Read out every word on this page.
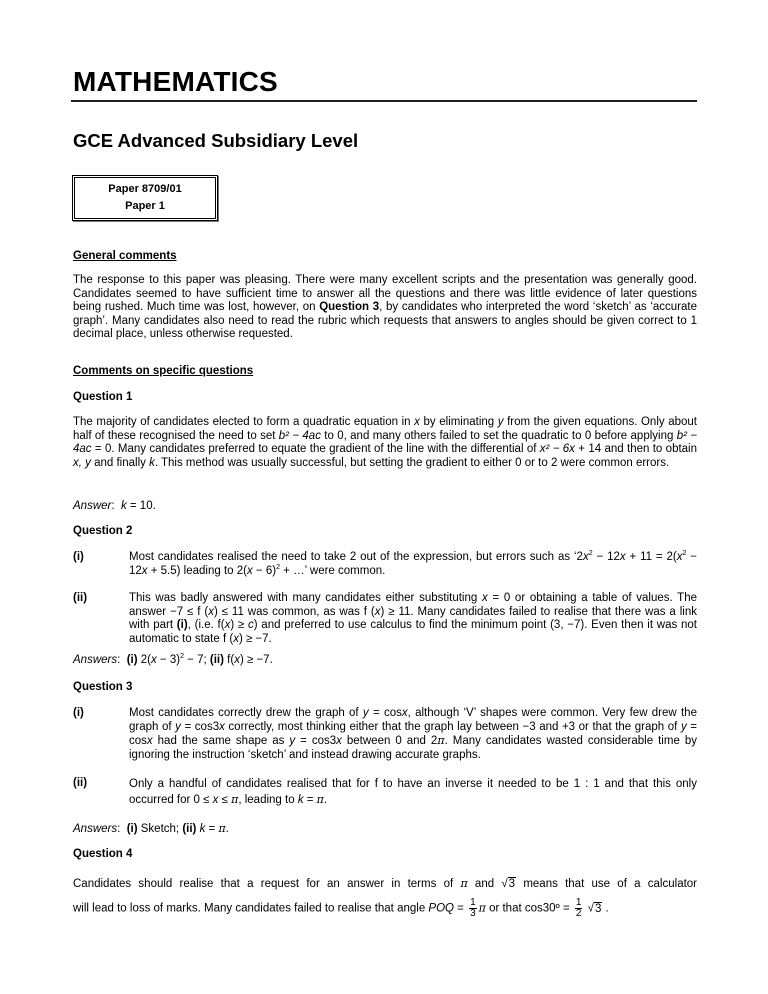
MATHEMATICS
GCE Advanced Subsidiary Level
Paper 8709/01
Paper 1
General comments
The response to this paper was pleasing. There were many excellent scripts and the presentation was generally good. Candidates seemed to have sufficient time to answer all the questions and there was little evidence of later questions being rushed. Much time was lost, however, on Question 3, by candidates who interpreted the word ‘sketch’ as ‘accurate graph’. Many candidates also need to read the rubric which requests that answers to angles should be given correct to 1 decimal place, unless otherwise requested.
Comments on specific questions
Question 1
The majority of candidates elected to form a quadratic equation in x by eliminating y from the given equations. Only about half of these recognised the need to set b² − 4ac to 0, and many others failed to set the quadratic to 0 before applying b² − 4ac = 0. Many candidates preferred to equate the gradient of the line with the differential of x² − 6x + 14 and then to obtain x, y and finally k. This method was usually successful, but setting the gradient to either 0 or to 2 were common errors.
Answer:  k = 10.
Question 2
(i)	Most candidates realised the need to take 2 out of the expression, but errors such as ‘$2x^2 - 12x + 11 = 2(x^2 - 12x + 5.5)$ leading to $2(x - 6)^2$ + …’ were common.
(ii)	This was badly answered with many candidates either substituting x = 0 or obtaining a table of values. The answer −7 ≤ f (x) ≤ 11 was common, as was f (x) ≥ 11. Many candidates failed to realise that there was a link with part (i), (i.e. f(x) ≥ c) and preferred to use calculus to find the minimum point (3, −7). Even then it was not automatic to state f (x) ≥ −7.
Answers:  (i) $2(x - 3)^2 - 7$; (ii) f(x) ≥ −7.
Question 3
(i)	Most candidates correctly drew the graph of y = cosx, although ‘V’ shapes were common. Very few drew the graph of y = cos3x correctly, most thinking either that the graph lay between −3 and +3 or that the graph of y = cosx had the same shape as y = cos3x between 0 and 2π. Many candidates wasted considerable time by ignoring the instruction ‘sketch’ and instead drawing accurate graphs.
(ii)	Only a handful of candidates realised that for f to have an inverse it needed to be 1 : 1 and that this only occurred for 0 ≤ x ≤ π, leading to k = π.
Answers:  (i) Sketch; (ii) k = π.
Question 4
Candidates should realise that a request for an answer in terms of π and √3 means that use of a calculator
will lead to loss of marks. Many candidates failed to realise that angle POQ = $\frac{1}{3}$ π or that cos30º = $\frac{1}{2} √3$ .
